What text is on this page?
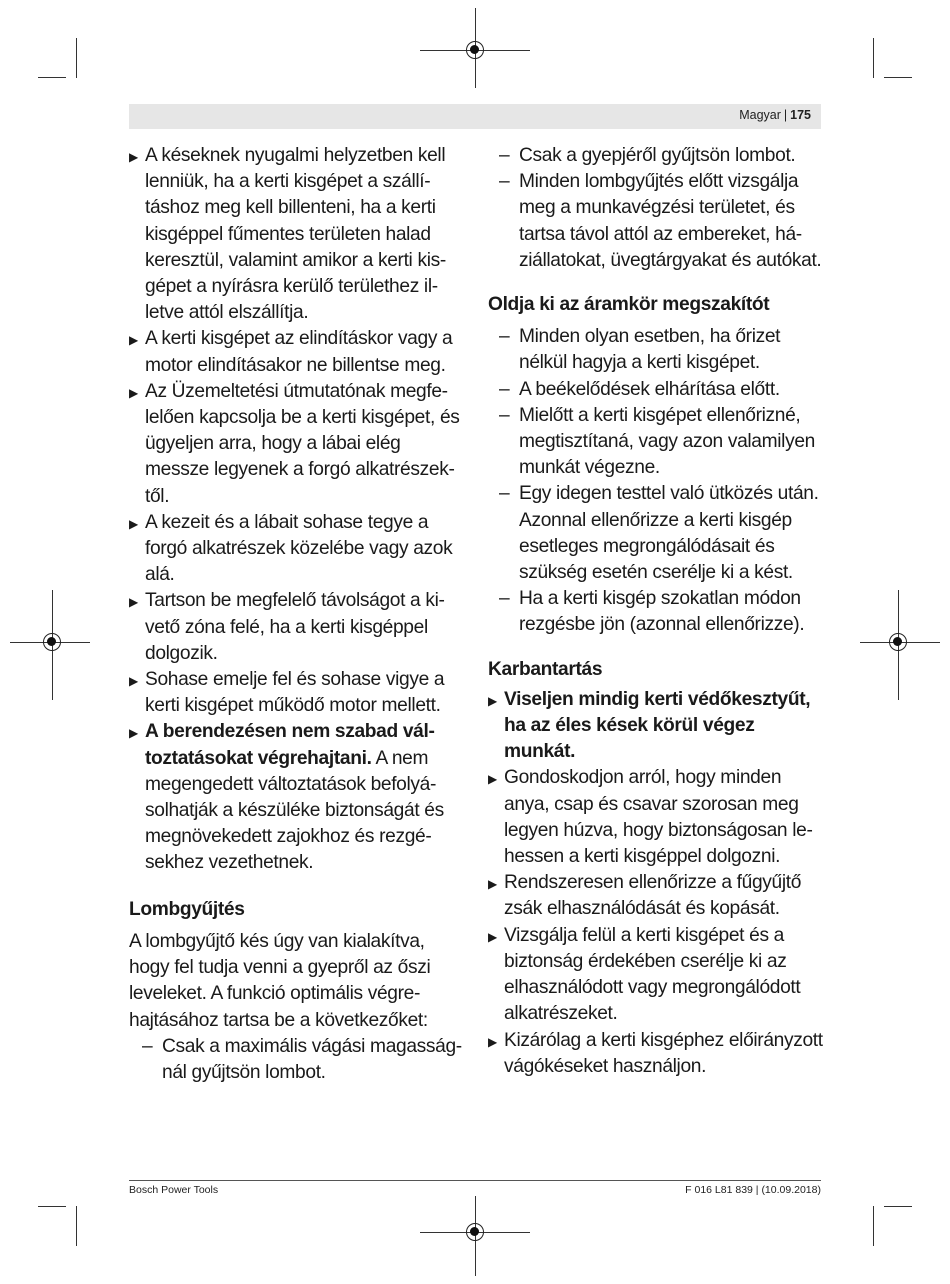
Magyar | 175

▶ A késeknek nyugalmi helyzetben kell lenniük, ha a kerti kisgépet a szállításhoz meg kell billenteni, ha a kerti kisgéppel fűmentes területen halad keresztül, valamint amikor a kerti kisgépet a nyírásra kerülő területhez illetve attól elszállítja.

▶ A kerti kisgépet az elindításkor vagy a motor elindításakor ne billentse meg.

▶ Az Üzemeltetési útmutatónak megfelelően kapcsolja be a kerti kisgépet, és ügyeljen arra, hogy a lábai elég messze legyenek a forgó alkatrészektől.

▶ A kezeit és a lábait sohase tegye a forgó alkatrészek közelébe vagy azok alá.

▶ Tartson be megfelelő távolságot a kivető zóna felé, ha a kerti kisgéppel dolgozik.

▶ Sohase emelje fel és sohase vigye a kerti kisgépet működő motor mellett.

▶ A berendezésen nem szabad változtatásokat végrehajtani. A nem megengedett változtatások befolyásolhatják a készüléke biztonságát és megnövekedett zajokhoz és rezgésekhez vezethetnek.

Lombgyűjtés

A lombgyűjtő kés úgy van kialakítva, hogy fel tudja venni a gyepről az őszi leveleket. A funkció optimális végrehajtásához tartsa be a következőket:

– Csak a maximális vágási magasságnál gyűjtsön lombot.

– Csak a gyepjéről gyűjtsön lombot.

– Minden lombgyűjtés előtt vizsgálja meg a munkavégzési területet, és tartsa távol attól az embereket, háziállatokat, üvegtárgyakat és autókat.

Oldja ki az áramkör megszakítót

– Minden olyan esetben, ha őrizet nélkül hagyja a kerti kisgépet.

– A beékelődések elhárítása előtt.

– Mielőtt a kerti kisgépet ellenőrizné, megtisztítaná, vagy azon valamilyen munkát végezne.

– Egy idegen testtel való ütközés után. Azonnal ellenőrizze a kerti kisgép esetleges megrongálódásait és szükség esetén cserélje ki a kést.

– Ha a kerti kisgép szokatlan módon rezgésbe jön (azonnal ellenőrizze).

Karbantartás

▶ Viseljen mindig kerti védőkesztyűt, ha az éles kések körül végez munkát.

▶ Gondoskodjon arról, hogy minden anya, csap és csavar szorosan meg legyen húzva, hogy biztonságosan lehessen a kerti kisgéppel dolgozni.

▶ Rendszeresen ellenőrizze a fűgyűjtő zsák elhasználódását és kopását.

▶ Vizsgálja felül a kerti kisgépet és a biztonság érdekében cserélje ki az elhasználódott vagy megrongálódott alkatrészeket.

▶ Kizárólag a kerti kisgéphez előirányzott vágókéseket használjon.

Bosch Power Tools	F 016 L81 839 | (10.09.2018)
